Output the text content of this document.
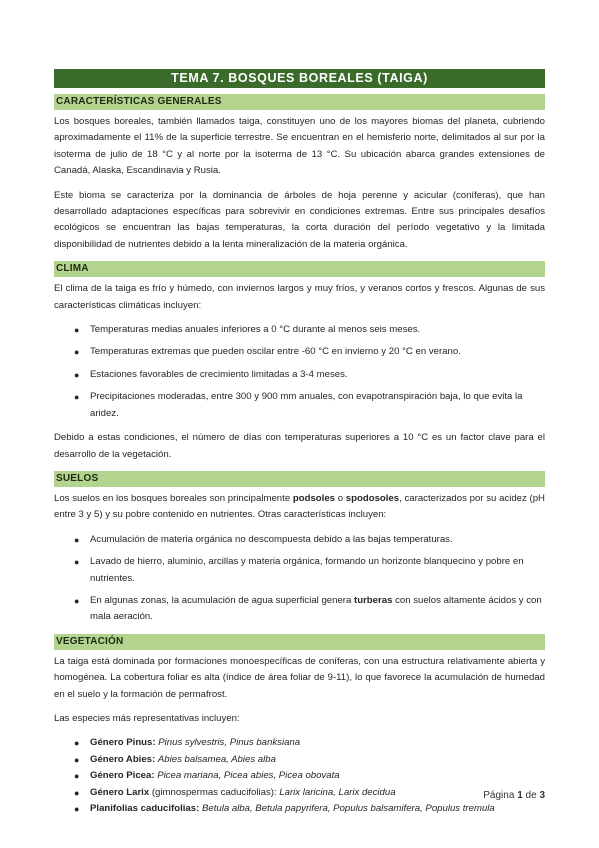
TEMA 7. BOSQUES BOREALES (TAIGA)
CARACTERÍSTICAS GENERALES

Los bosques boreales, también llamados taiga, constituyen uno de los mayores biomas del planeta, cubriendo aproximadamente el 11% de la superficie terrestre. Se encuentran en el hemisferio norte, delimitados al sur por la isoterma de julio de 18 °C y al norte por la isoterma de 13 °C. Su ubicación abarca grandes extensiones de Canadá, Alaska, Escandinavia y Rusia.

Este bioma se caracteriza por la dominancia de árboles de hoja perenne y acicular (coníferas), que han desarrollado adaptaciones específicas para sobrevivir en condiciones extremas. Entre sus principales desafíos ecológicos se encuentran las bajas temperaturas, la corta duración del período vegetativo y la limitada disponibilidad de nutrientes debido a la lenta mineralización de la materia orgánica.

CLIMA

El clima de la taiga es frío y húmedo, con inviernos largos y muy fríos, y veranos cortos y frescos. Algunas de sus características climáticas incluyen:

● Temperaturas medias anuales inferiores a 0 °C durante al menos seis meses.
● Temperaturas extremas que pueden oscilar entre -60 °C en invierno y 20 °C en verano.
● Estaciones favorables de crecimiento limitadas a 3-4 meses.
● Precipitaciones moderadas, entre 300 y 900 mm anuales, con evapotranspiración baja, lo que evita la aridez.

Debido a estas condiciones, el número de días con temperaturas superiores a 10 °C es un factor clave para el desarrollo de la vegetación.

SUELOS

Los suelos en los bosques boreales son principalmente podsoles o spodosoles, caracterizados por su acidez (pH entre 3 y 5) y su pobre contenido en nutrientes. Otras características incluyen:

● Acumulación de materia orgánica no descompuesta debido a las bajas temperaturas.
● Lavado de hierro, aluminio, arcillas y materia orgánica, formando un horizonte blanquecino y pobre en nutrientes.
● En algunas zonas, la acumulación de agua superficial genera turberas con suelos altamente ácidos y con mala aeración.
VEGETACIÓN

La taiga está dominada por formaciones monoespecíficas de coníferas, con una estructura relativamente abierta y homogénea. La cobertura foliar es alta (índice de área foliar de 9-11), lo que favorece la acumulación de humedad en el suelo y la formación de permafrost.

Las especies más representativas incluyen:

● Género Pinus: Pinus sylvestris, Pinus banksiana
● Género Abies: Abies balsamea, Abies alba
● Género Picea: Picea mariana, Picea abies, Picea obovata
● Género Larix (gimnospermas caducifolias): Larix laricina, Larix decidua
● Planifolias caducifolias: Betula alba, Betula papyrifera, Populus balsamifera, Populus tremula
Página 1 de 3
